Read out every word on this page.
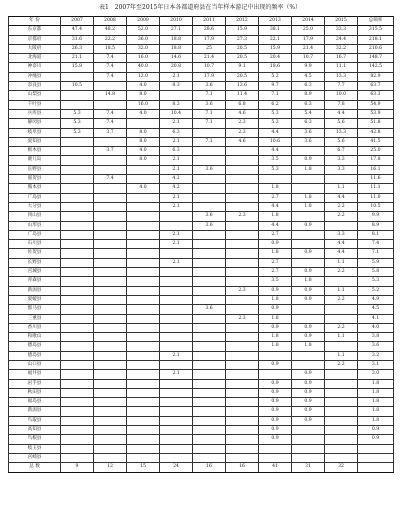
表1　2007年至2015年日本各都道府县在当年样本游记中出现的频率（%）
年 份	2007	2008	2009	2010	2011	2012	2013	2014	2015	总频率
东京都	47.4	48.2	52.0	27.1	28.6	15.9	38.1	25.0	33.3	315.5
京都府	31.6	22.2	36.0	18.8	17.9	27.3	22.1	17.9	24.4	218.1
大阪府	26.3	18.5	32.0	18.8	25	20.5	15.9	21.4	32.2	210.6
北海道	21.1	7.4	16.0	14.6	21.4	20.5	20.4	10.7	16.7	148.7
神奈川	15.8	7.4	40.0	20.8	10.7	9.1	18.6	9.9	11.1	142.5
冲绳县		7.4	12.0	2.1	17.9	20.5	5.3	4.5	13.3	82.9
奈良县	10.5		4.0	8.3	3.6	13.6	9.7	6.3	7.7	63.7
山梨县		14.8	8.0		7.1	11.4	7.1	8.9	10.0	63.3
千叶县			16.0	8.3	3.6	6.8	6.2	6.3	7.8	54.9
兵库县	5.3	7.4	4.0	10.4	7.1	4.6	5.3	5.4	4.4	53.9
静冈县	5.3	7.4		2.1	7.1	2.3	5.3	6.3	5.6	51.8
岐阜县	5.3	3.7	8.0	6.3		2.3	4.4	3.6	13.3	42.8
爱知县			8.0	2.1	7.1	4.6	10.6	3.6	5.6	41.5
枥木县		3.7	4.0	6.3			4.4		6.7	25.0
鹿儿岛			8.0	2.1			3.5	0.9	3.3	17.8
长野县				2.1	3.6		5.3	1.8	3.3	16.1
滋贺县		7.4		4.2						11.6
熊本县			4.0	4.2			1.8		1.1	11.1
广岛县				2.1			2.7	1.8	4.4	11.0
大分县				2.1			4.4	1.8	2.2	10.5
冈山县					3.6	2.3	1.8		2.2	9.9
山形县					3.6		4.4	0.9		8.9
广岛县				2.1			2.7		3.3	8.1
石川县				2.1			0.9		4.4	7.4
佐贺县							1.8	0.9	4.4	7.1
长野县				2.1			2.7		1.1	5.9
宫城县							2.7	0.9	2.2	5.8
青森县							3.5	1.8		5.3
新潟县						2.3	0.9	0.9	1.1	5.2
爱媛县							1.8	0.9	2.2	4.9
群马县					3.6		0.9			4.5
三重县						2.3	1.8			4.1
香川县							0.9	0.9	2.2	4.0
和歌山							1.8	0.9	1.1	3.8
德岛县							1.8	1.8		3.6
德岛县				2.1					1.1	3.2
山口县							0.9		2.2	3.1
福井县				2.1				0.9		3.0
岩手县							0.9	0.9		1.8
秋田县							0.9	0.9		1.8
福岛县							0.9	0.9		1.8
新潟县							0.9	0.9		1.8
鸟取县							0.9	0.9		1.8
高知县							0.9			0.9
鸟根县							0.9			0.9
岐玉县										
宫崎县										
总 数	9	12	15	24	16	16	41	31	32	
